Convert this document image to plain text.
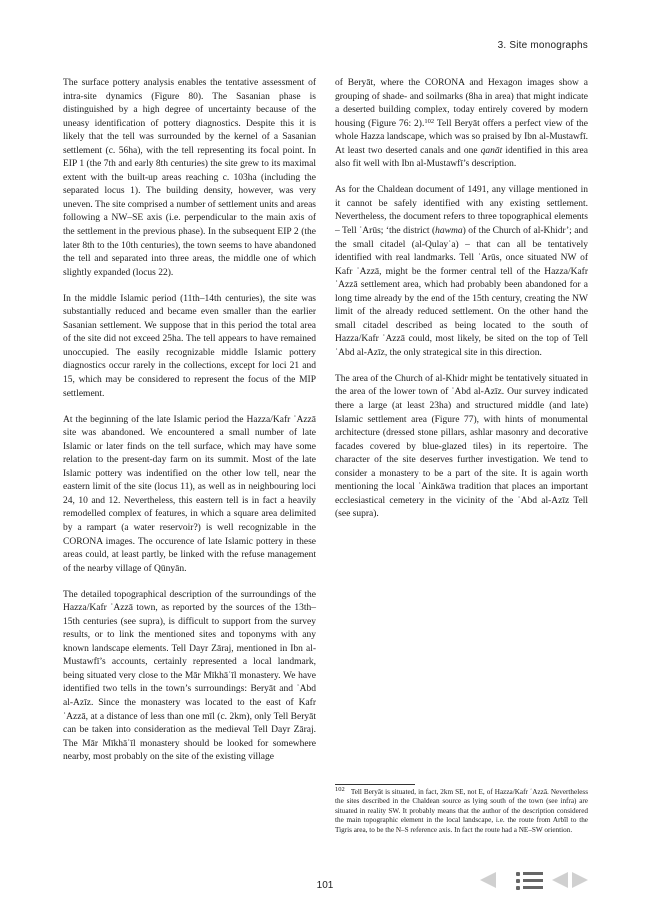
3. Site monographs

The surface pottery analysis enables the tentative assessment of intra-site dynamics (Figure 80). The Sasanian phase is distinguished by a high degree of uncertainty because of the uneasy identification of pottery diagnostics. Despite this it is likely that the tell was surrounded by the kernel of a Sasanian settlement (c. 56ha), with the tell representing its focal point. In EIP 1 (the 7th and early 8th centuries) the site grew to its maximal extent with the built-up areas reaching c. 103ha (including the separated locus 1). The building density, however, was very uneven. The site comprised a number of settlement units and areas following a NW–SE axis (i.e. perpendicular to the main axis of the settlement in the previous phase). In the subsequent EIP 2 (the later 8th to the 10th centuries), the town seems to have abandoned the tell and separated into three areas, the middle one of which slightly expanded (locus 22).

In the middle Islamic period (11th–14th centuries), the site was substantially reduced and became even smaller than the earlier Sasanian settlement. We suppose that in this period the total area of the site did not exceed 25ha. The tell appears to have remained unoccupied. The easily recognizable middle Islamic pottery diagnostics occur rarely in the collections, except for loci 21 and 15, which may be considered to represent the focus of the MIP settlement.

At the beginning of the late Islamic period the Hazza/Kafr ʿAzzā site was abandoned. We encountered a small number of late Islamic or later finds on the tell surface, which may have some relation to the present-day farm on its summit. Most of the late Islamic pottery was indentified on the other low tell, near the eastern limit of the site (locus 11), as well as in neighbouring loci 24, 10 and 12. Nevertheless, this eastern tell is in fact a heavily remodelled complex of features, in which a square area delimited by a rampart (a water reservoir?) is well recognizable in the CORONA images. The occurence of late Islamic pottery in these areas could, at least partly, be linked with the refuse management of the nearby village of Qūnyān.

The detailed topographical description of the surroundings of the Hazza/Kafr ʿAzzā town, as reported by the sources of the 13th–15th centuries (see supra), is difficult to support from the survey results, or to link the mentioned sites and toponyms with any known landscape elements. Tell Dayr Zāraj, mentioned in Ibn al-Mustawfī’s accounts, certainly represented a local landmark, being situated very close to the Mār Mīkhāʾīl monastery. We have identified two tells in the town’s surroundings: Beryāt and ʿAbd al-Azīz. Since the monastery was located to the east of Kafr ʿAzzā, at a distance of less than one mīl (c. 2km), only Tell Beryāt can be taken into consideration as the medieval Tell Dayr Zāraj. The Mār Mīkhāʾīl monastery should be looked for somewhere nearby, most probably on the site of the existing village

of Beryāt, where the CORONA and Hexagon images show a grouping of shade- and soilmarks (8ha in area) that might indicate a deserted building complex, today entirely covered by modern housing (Figure 76: 2).$^{102}$ Tell Beryāt offers a perfect view of the whole Hazza landscape, which was so praised by Ibn al-Mustawfī. At least two deserted canals and one qanāt identified in this area also fit well with Ibn al-Mustawfī’s description.

As for the Chaldean document of 1491, any village mentioned in it cannot be safely identified with any existing settlement. Nevertheless, the document refers to three topographical elements – Tell ʿArūs; ‘the district (hawma) of the Church of al-Khidr’; and the small citadel (al-Qulayʿa) – that can all be tentatively identified with real landmarks. Tell ʿArūs, once situated NW of Kafr ʿAzzā, might be the former central tell of the Hazza/Kafr ʿAzzā settlement area, which had probably been abandoned for a long time already by the end of the 15th century, creating the NW limit of the already reduced settlement. On the other hand the small citadel described as being located to the south of Hazza/Kafr ʿAzzā could, most likely, be sited on the top of Tell ʿAbd al-Azīz, the only strategical site in this direction.

The area of the Church of al-Khidr might be tentatively situated in the area of the lower town of ʿAbd al-Azīz. Our survey indicated there a large (at least 23ha) and structured middle (and late) Islamic settlement area (Figure 77), with hints of monumental architecture (dressed stone pillars, ashlar masonry and decorative facades covered by blue-glazed tiles) in its repertoire. The character of the site deserves further investigation. We tend to consider a monastery to be a part of the site. It is again worth mentioning the local ʿAinkāwa tradition that places an important ecclesiastical cemetery in the vicinity of the ʿAbd al-Azīz Tell (see supra).

$^{102}$ Tell Beryāt is situated, in fact, 2km SE, not E, of Hazza/Kafr ʿAzzā. Nevertheless the sites described in the Chaldean source as lying south of the town (see infra) are situated in reality SW. It probably means that the author of the description considered the main topographic element in the local landscape, i.e. the route from Arbīl to the Tigris area, to be the N–S reference axis. In fact the route had a NE–SW oriention.
101
